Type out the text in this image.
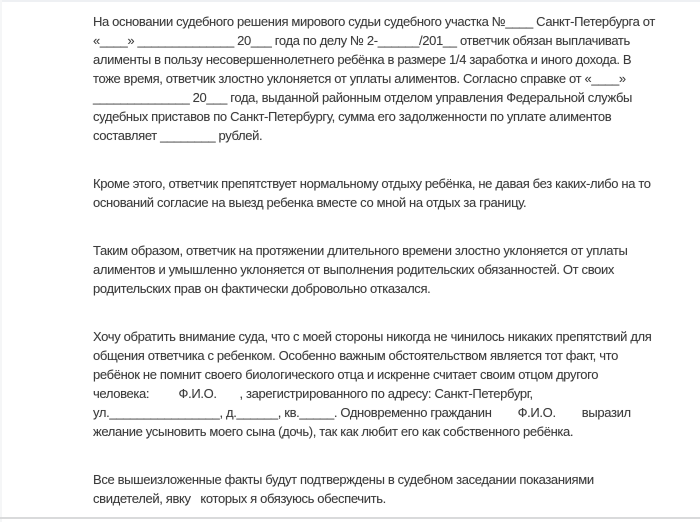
На основании судебного решения мирового судьи судебного участка №____ Санкт-Петербурга от
«____» ______________ 20___ года по делу № 2-______/201__ ответчик обязан выплачивать
алименты в пользу несовершеннолетнего ребёнка в размере 1/4 заработка и иного дохода. В
тоже время, ответчик злостно уклоняется от уплаты алиментов. Согласно справке от «____»
______________ 20___ года, выданной районным отделом управления Федеральной службы
судебных приставов по Санкт-Петербургу, сумма его задолженности по уплате алиментов
составляет ________ рублей.
Кроме этого, ответчик препятствует нормальному отдыху ребёнка, не давая без каких-либо на то
оснований согласие на выезд ребенка вместе со мной на отдых за границу.
Таким образом, ответчик на протяжении длительного времени злостно уклоняется от уплаты
алиментов и умышленно уклоняется от выполнения родительских обязанностей. От своих
родительских прав он фактически добровольно отказался.
Хочу обратить внимание суда, что с моей стороны никогда не чинилось никаких препятствий для
общения ответчика с ребенком. Особенно важным обстоятельством является тот факт, что
ребёнок не помнит своего биологического отца и искренне считает своим отцом другого
человека:         Ф.И.О.       , зарегистрированного по адресу: Санкт-Петербург,
ул.________________, д.______, кв._____. Одновременно гражданин        Ф.И.О.        выразил
желание усыновить моего сына (дочь), так как любит его как собственного ребёнка.
Все вышеизложенные факты будут подтверждены в судебном заседании показаниями
свидетелей, явку   которых я обязуюсь обеспечить.
